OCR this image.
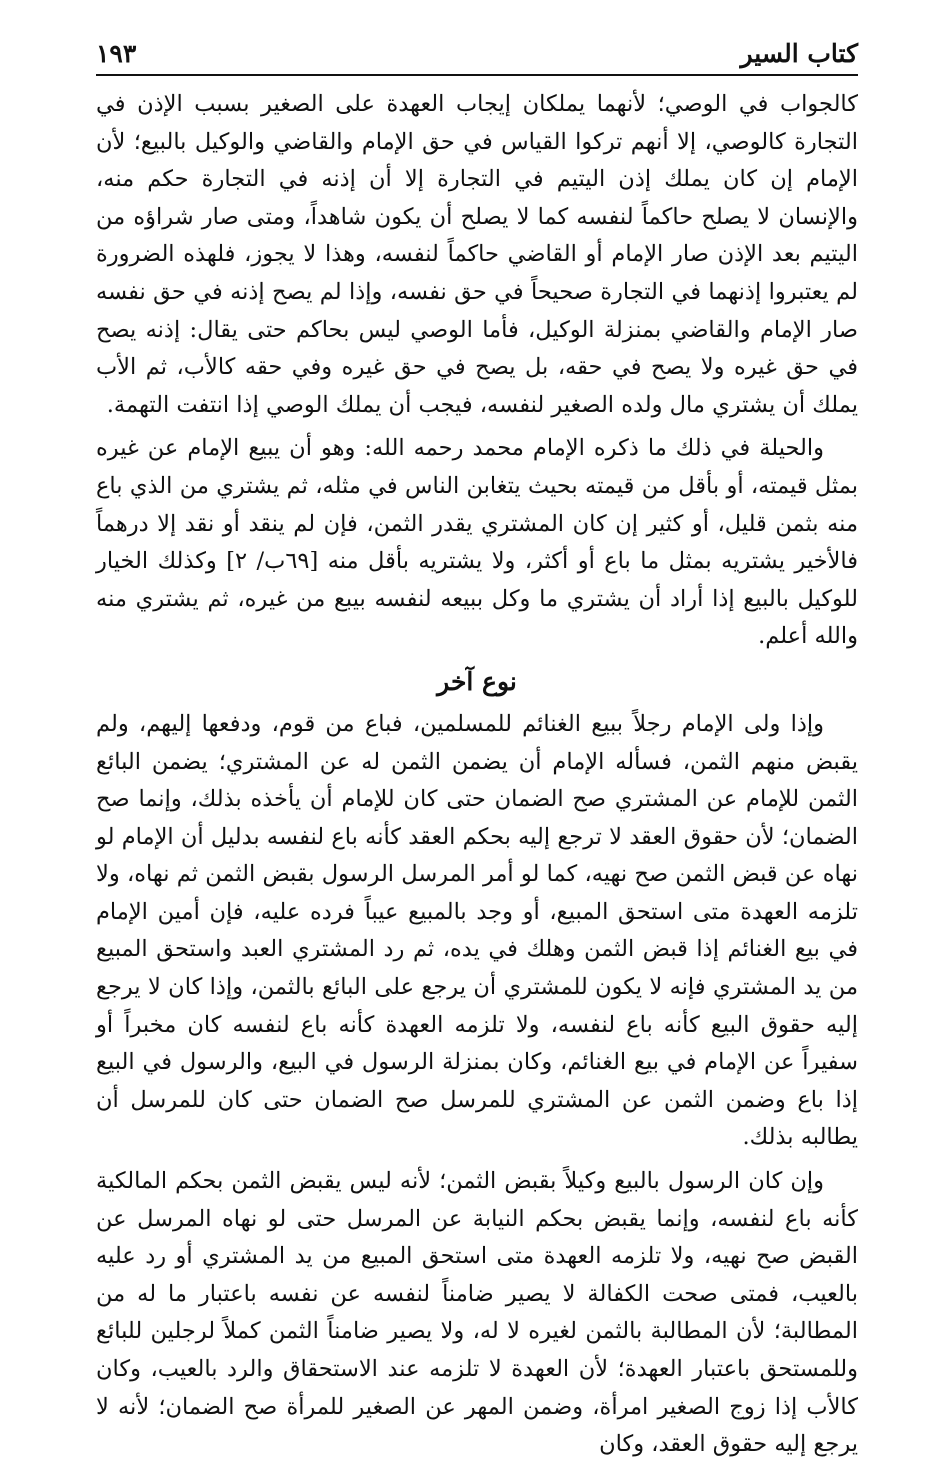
كتاب السير
١٩٣

كالجواب في الوصي؛ لأنهما يملكان إيجاب العهدة على الصغير بسبب الإذن في التجارة كالوصي، إلا أنهم تركوا القياس في حق الإمام والقاضي والوكيل بالبيع؛ لأن الإمام إن كان يملك إذن اليتيم في التجارة إلا أن إذنه في التجارة حكم منه، والإنسان لا يصلح حاكماً لنفسه كما لا يصلح أن يكون شاهداً، ومتى صار شراؤه من اليتيم بعد الإذن صار الإمام أو القاضي حاكماً لنفسه، وهذا لا يجوز، فلهذه الضرورة لم يعتبروا إذنهما في التجارة صحيحاً في حق نفسه، وإذا لم يصح إذنه في حق نفسه صار الإمام والقاضي بمنزلة الوكيل، فأما الوصي ليس بحاكم حتى يقال: إذنه يصح في حق غيره ولا يصح في حقه، بل يصح في حق غيره وفي حقه كالأب، ثم الأب يملك أن يشتري مال ولده الصغير لنفسه، فيجب أن يملك الوصي إذا انتفت التهمة.

والحيلة في ذلك ما ذكره الإمام محمد رحمه الله: وهو أن يبيع الإمام عن غيره بمثل قيمته، أو بأقل من قيمته بحيث يتغابن الناس في مثله، ثم يشتري من الذي باع منه بثمن قليل، أو كثير إن كان المشتري يقدر الثمن، فإن لم ينقد أو نقد إلا درهماً فالأخير يشتريه بمثل ما باع أو أكثر، ولا يشتريه بأقل منه [٦٩ب/ ٢] وكذلك الخيار للوكيل بالبيع إذا أراد أن يشتري ما وكل ببيعه لنفسه بيبع من غيره، ثم يشتري منه والله أعلم.

نوع آخر

وإذا ولى الإمام رجلاً ببيع الغنائم للمسلمين، فباع من قوم، ودفعها إليهم، ولم يقبض منهم الثمن، فسأله الإمام أن يضمن الثمن له عن المشتري؛ يضمن البائع الثمن للإمام عن المشتري صح الضمان حتى كان للإمام أن يأخذه بذلك، وإنما صح الضمان؛ لأن حقوق العقد لا ترجع إليه بحكم العقد كأنه باع لنفسه بدليل أن الإمام لو نهاه عن قبض الثمن صح نهيه، كما لو أمر المرسل الرسول بقبض الثمن ثم نهاه، ولا تلزمه العهدة متى استحق المبيع، أو وجد بالمبيع عيباً فرده عليه، فإن أمين الإمام في بيع الغنائم إذا قبض الثمن وهلك في يده، ثم رد المشتري العبد واستحق المبيع من يد المشتري فإنه لا يكون للمشتري أن يرجع على البائع بالثمن، وإذا كان لا يرجع إليه حقوق البيع كأنه باع لنفسه، ولا تلزمه العهدة كأنه باع لنفسه كان مخبراً أو سفيراً عن الإمام في بيع الغنائم، وكان بمنزلة الرسول في البيع، والرسول في البيع إذا باع وضمن الثمن عن المشتري للمرسل صح الضمان حتى كان للمرسل أن يطالبه بذلك.

وإن كان الرسول بالبيع وكيلاً بقبض الثمن؛ لأنه ليس يقبض الثمن بحكم المالكية كأنه باع لنفسه، وإنما يقبض بحكم النيابة عن المرسل حتى لو نهاه المرسل عن القبض صح نهيه، ولا تلزمه العهدة متى استحق المبيع من يد المشتري أو رد عليه بالعيب، فمتى صحت الكفالة لا يصير ضامناً لنفسه عن نفسه باعتبار ما له من المطالبة؛ لأن المطالبة بالثمن لغيره لا له، ولا يصير ضامناً الثمن كملاً لرجلين للبائع وللمستحق باعتبار العهدة؛ لأن العهدة لا تلزمه عند الاستحقاق والرد بالعيب، وكان كالأب إذا زوج الصغير امرأة، وضمن المهر عن الصغير للمرأة صح الضمان؛ لأنه لا يرجع إليه حقوق العقد، وكان
